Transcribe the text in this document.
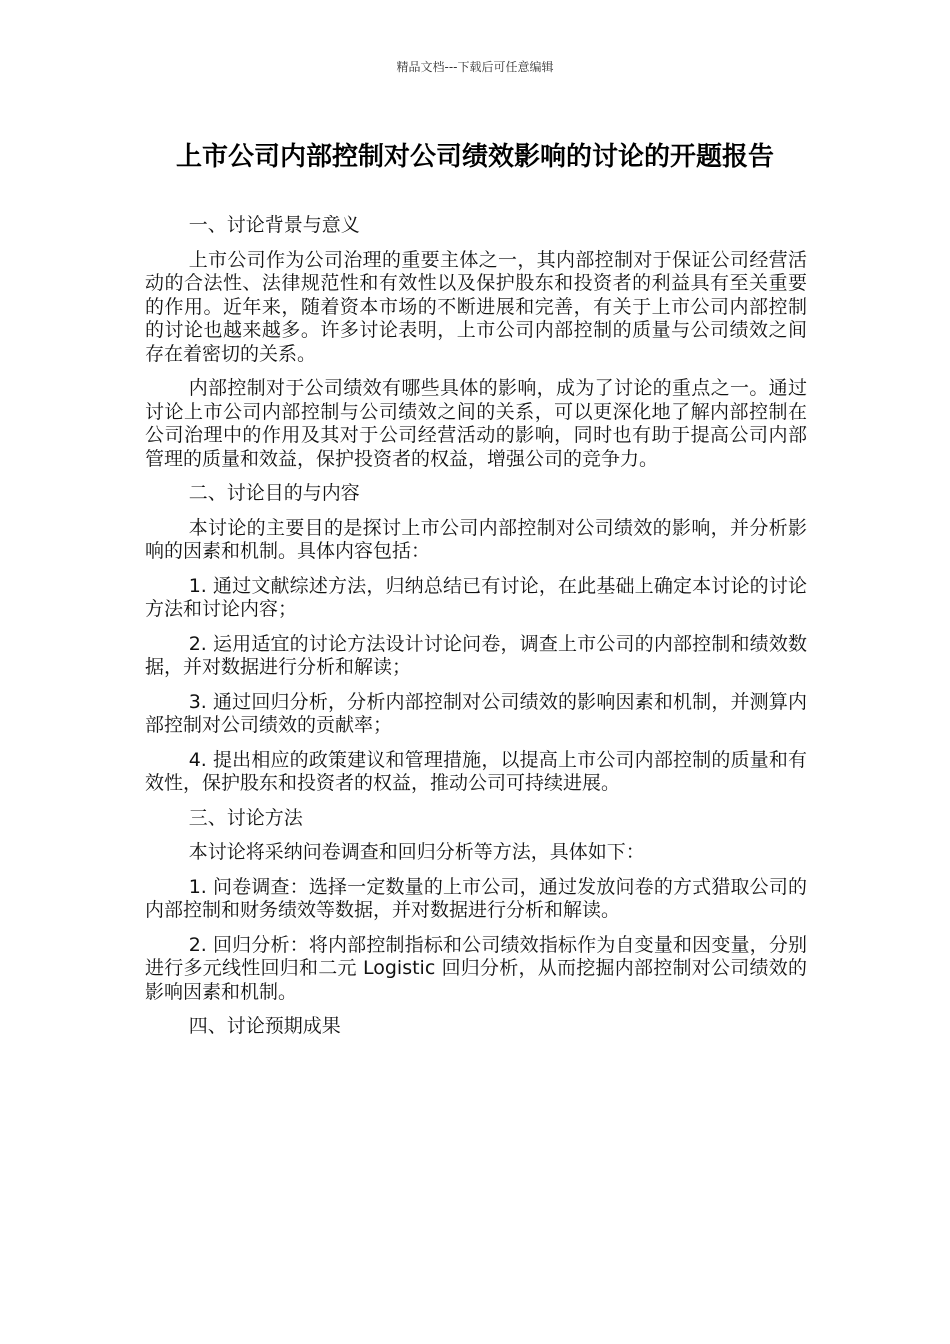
精品文档---下载后可任意编辑
上市公司内部控制对公司绩效影响的讨论的开题报告

一、讨论背景与意义

上市公司作为公司治理的重要主体之一，其内部控制对于保证公司经营活动的合法性、法律规范性和有效性以及保护股东和投资者的利益具有至关重要的作用。近年来，随着资本市场的不断进展和完善，有关于上市公司内部控制的讨论也越来越多。许多讨论表明，上市公司内部控制的质量与公司绩效之间存在着密切的关系。

内部控制对于公司绩效有哪些具体的影响，成为了讨论的重点之一。通过讨论上市公司内部控制与公司绩效之间的关系，可以更深化地了解内部控制在公司治理中的作用及其对于公司经营活动的影响，同时也有助于提高公司内部管理的质量和效益，保护投资者的权益，增强公司的竞争力。

二、讨论目的与内容

本讨论的主要目的是探讨上市公司内部控制对公司绩效的影响，并分析影响的因素和机制。具体内容包括：

1. 通过文献综述方法，归纳总结已有讨论，在此基础上确定本讨论的讨论方法和讨论内容；

2. 运用适宜的讨论方法设计讨论问卷，调查上市公司的内部控制和绩效数据，并对数据进行分析和解读；

3. 通过回归分析，分析内部控制对公司绩效的影响因素和机制，并测算内部控制对公司绩效的贡献率；

4. 提出相应的政策建议和管理措施，以提高上市公司内部控制的质量和有效性，保护股东和投资者的权益，推动公司可持续进展。

三、讨论方法

本讨论将采纳问卷调查和回归分析等方法，具体如下：

1. 问卷调查：选择一定数量的上市公司，通过发放问卷的方式猎取公司的内部控制和财务绩效等数据，并对数据进行分析和解读。

2. 回归分析：将内部控制指标和公司绩效指标作为自变量和因变量，分别进行多元线性回归和二元 Logistic 回归分析，从而挖掘内部控制对公司绩效的影响因素和机制。

四、讨论预期成果
